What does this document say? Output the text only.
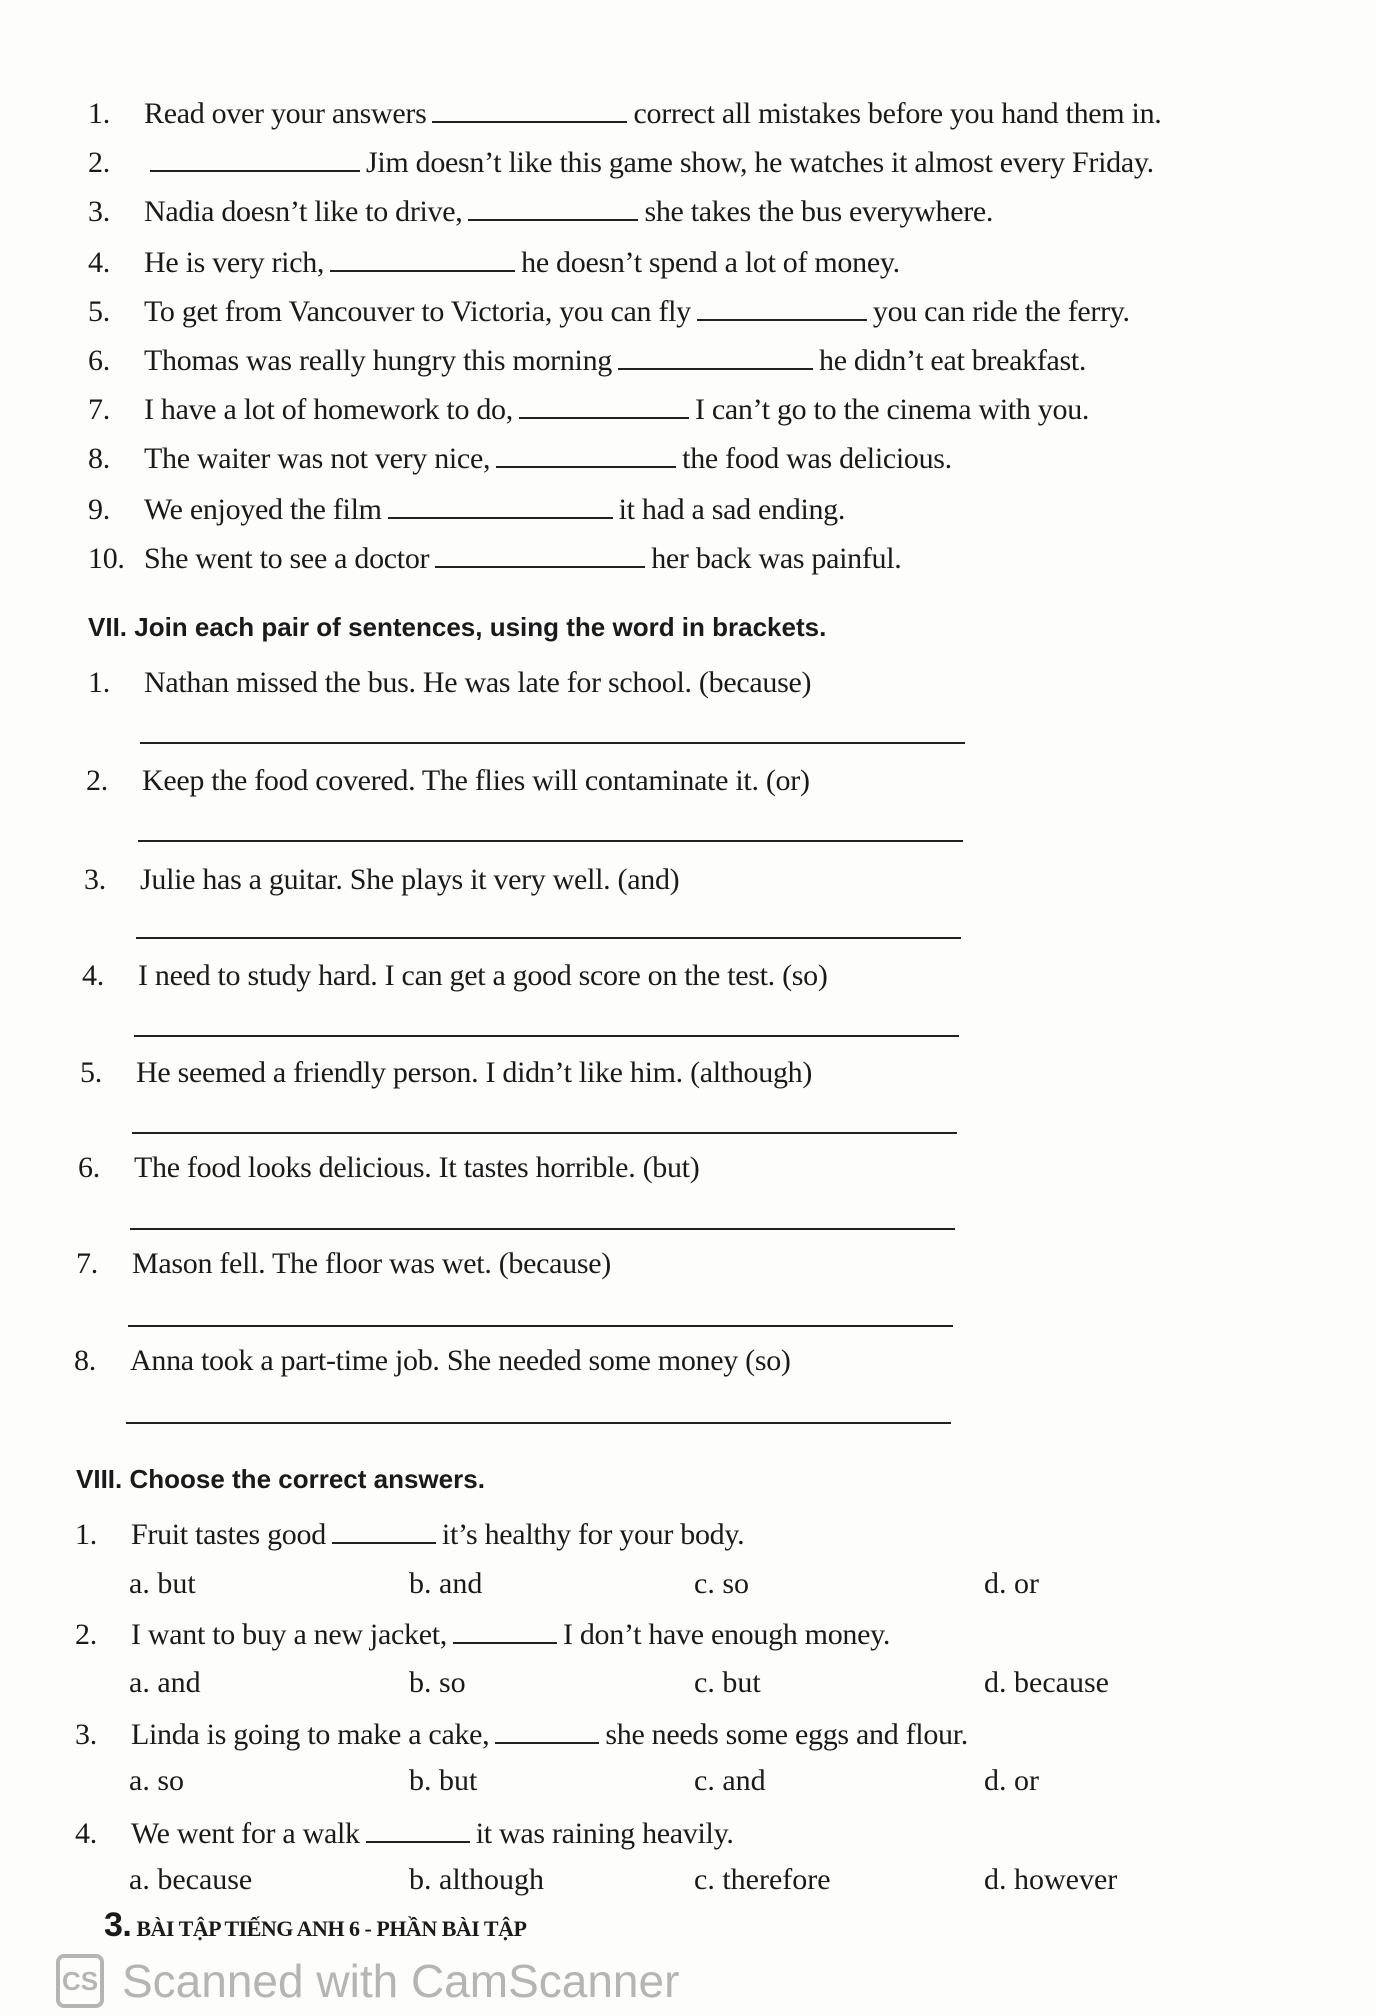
1. Read over your answers	correct all mistakes before you hand them in.
2.	Jim doesn’t like this game show, he watches it almost every Friday.
3. Nadia doesn’t like to drive,	she takes the bus everywhere.
4. He is very rich,	he doesn’t spend a lot of money.
5. To get from Vancouver to Victoria, you can fly	you can ride the ferry.
6. Thomas was really hungry this morning	he didn’t eat breakfast.
7. I have a lot of homework to do,	I can’t go to the cinema with you.
8. The waiter was not very nice,	the food was delicious.
9. We enjoyed the film	it had a sad ending.
10. She went to see a doctor	her back was painful.
VII. Join each pair of sentences, using the word in brackets.
1. Nathan missed the bus. He was late for school. (because)
2. Keep the food covered. The flies will contaminate it. (or)
3. Julie has a guitar. She plays it very well. (and)
4. I need to study hard. I can get a good score on the test. (so)
5. He seemed a friendly person. I didn’t like him. (although)
6. The food looks delicious. It tastes horrible. (but)
7. Mason fell. The floor was wet. (because)
8. Anna took a part-time job. She needed some money (so)
VIII. Choose the correct answers.
1. Fruit tastes good	it’s healthy for your body.
a. but	b. and	c. so	d. or
2. I want to buy a new jacket,	I don’t have enough money.
a. and	b. so	c. but	d. because
3. Linda is going to make a cake,	she needs some eggs and flour.
a. so	b. but	c. and	d. or
4. We went for a walk	it was raining heavily.
a. because	b. although	c. therefore	d. however
3. BÀI TẬP TIẾNG ANH 6 - PHẦN BÀI TẬP
CS Scanned with CamScanner
